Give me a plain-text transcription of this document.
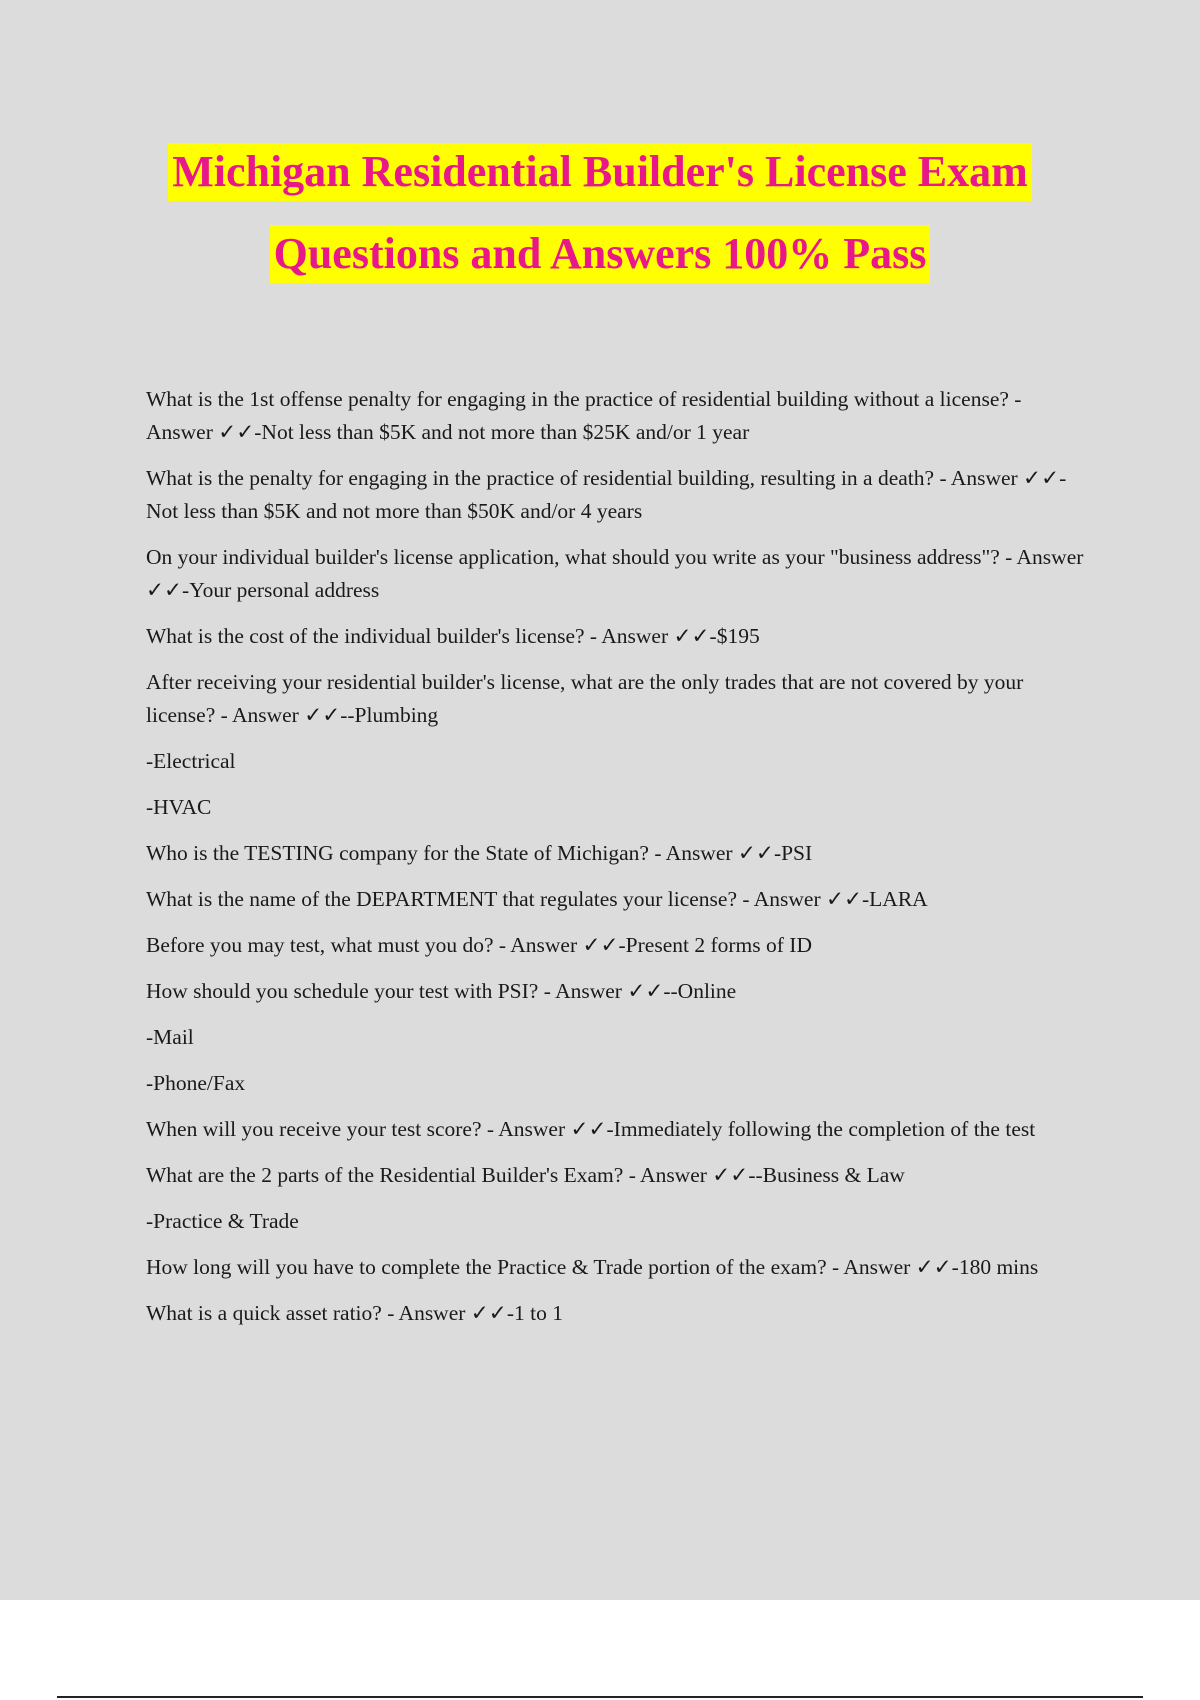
Michigan Residential Builder's License Exam
Questions and Answers 100% Pass

What is the 1st offense penalty for engaging in the practice of residential building without a license? - Answer ✓✓-Not less than $5K and not more than $25K and/or 1 year

What is the penalty for engaging in the practice of residential building, resulting in a death? - Answer ✓✓-Not less than $5K and not more than $50K and/or 4 years

On your individual builder's license application, what should you write as your "business address"? - Answer ✓✓-Your personal address

What is the cost of the individual builder's license? - Answer ✓✓-$195

After receiving your residential builder's license, what are the only trades that are not covered by your license? - Answer ✓✓--Plumbing

-Electrical

-HVAC

Who is the TESTING company for the State of Michigan? - Answer ✓✓-PSI

What is the name of the DEPARTMENT that regulates your license? - Answer ✓✓-LARA

Before you may test, what must you do? - Answer ✓✓-Present 2 forms of ID

How should you schedule your test with PSI? - Answer ✓✓--Online

-Mail

-Phone/Fax

When will you receive your test score? - Answer ✓✓-Immediately following the completion of the test

What are the 2 parts of the Residential Builder's Exam? - Answer ✓✓--Business & Law

-Practice & Trade

How long will you have to complete the Practice & Trade portion of the exam? - Answer ✓✓-180 mins

What is a quick asset ratio? - Answer ✓✓-1 to 1
